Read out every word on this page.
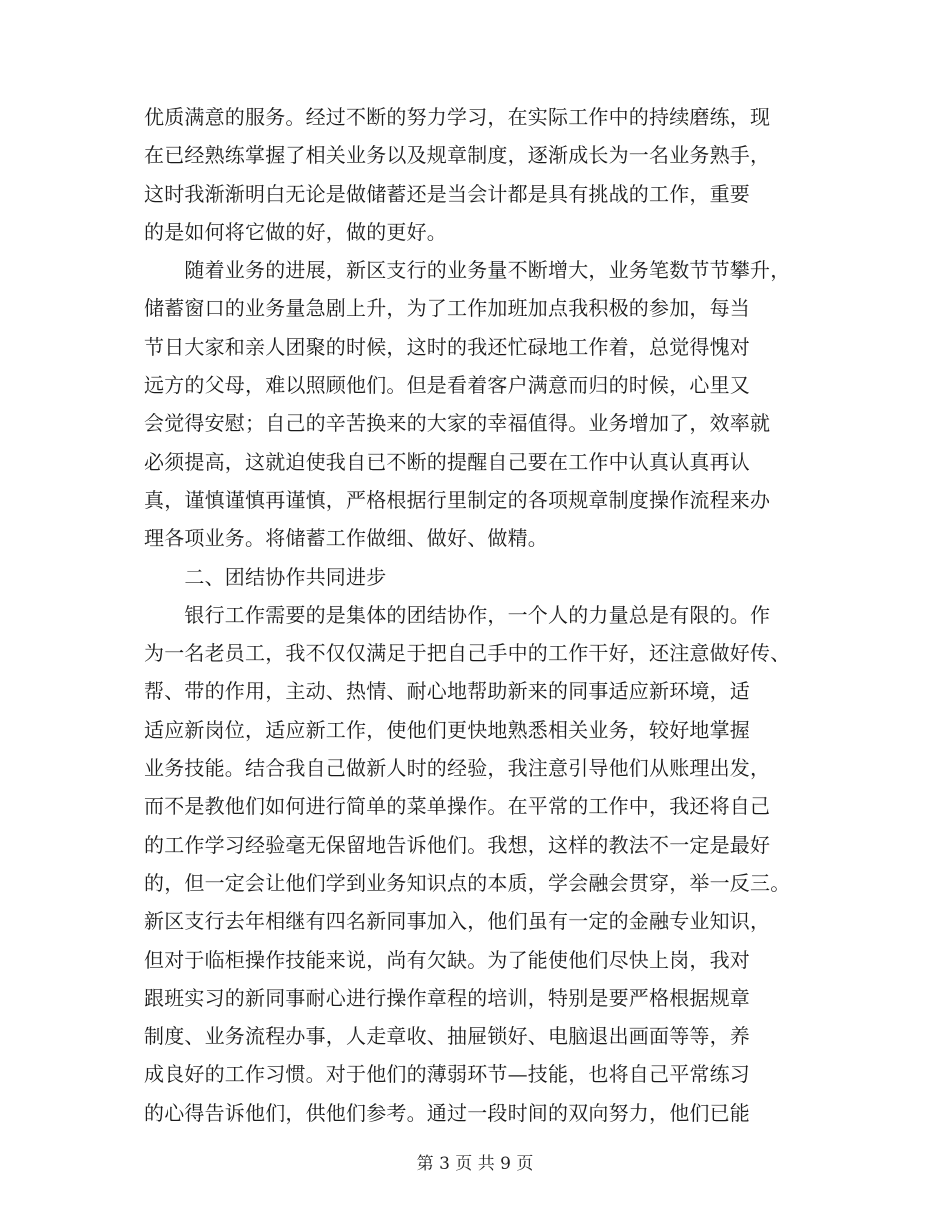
优质满意的服务。经过不断的努力学习，在实际工作中的持续磨练，现
在已经熟练掌握了相关业务以及规章制度，逐渐成长为一名业务熟手，
这时我渐渐明白无论是做储蓄还是当会计都是具有挑战的工作，重要
的是如何将它做的好，做的更好。
　　随着业务的进展，新区支行的业务量不断增大，业务笔数节节攀升，
储蓄窗口的业务量急剧上升，为了工作加班加点我积极的参加，每当
节日大家和亲人团聚的时候，这时的我还忙碌地工作着，总觉得愧对
远方的父母，难以照顾他们。但是看着客户满意而归的时候，心里又
会觉得安慰；自己的辛苦换来的大家的幸福值得。业务增加了，效率就
必须提高，这就迫使我自已不断的提醒自己要在工作中认真认真再认
真，谨慎谨慎再谨慎，严格根据行里制定的各项规章制度操作流程来办
理各项业务。将储蓄工作做细、做好、做精。
　　二、团结协作共同进步
　　银行工作需要的是集体的团结协作，一个人的力量总是有限的。作
为一名老员工，我不仅仅满足于把自己手中的工作干好，还注意做好传、
帮、带的作用，主动、热情、耐心地帮助新来的同事适应新环境，适
适应新岗位，适应新工作，使他们更快地熟悉相关业务，较好地掌握
业务技能。结合我自己做新人时的经验，我注意引导他们从账理出发，
而不是教他们如何进行简单的菜单操作。在平常的工作中，我还将自己
的工作学习经验毫无保留地告诉他们。我想，这样的教法不一定是最好
的，但一定会让他们学到业务知识点的本质，学会融会贯穿，举一反三。
新区支行去年相继有四名新同事加入，他们虽有一定的金融专业知识，
但对于临柜操作技能来说，尚有欠缺。为了能使他们尽快上岗，我对
跟班实习的新同事耐心进行操作章程的培训，特别是要严格根据规章
制度、业务流程办事，人走章收、抽屉锁好、电脑退出画面等等，养
成良好的工作习惯。对于他们的薄弱环节—技能，也将自己平常练习
的心得告诉他们，供他们参考。通过一段时间的双向努力，他们已能
第 3 页 共 9 页
